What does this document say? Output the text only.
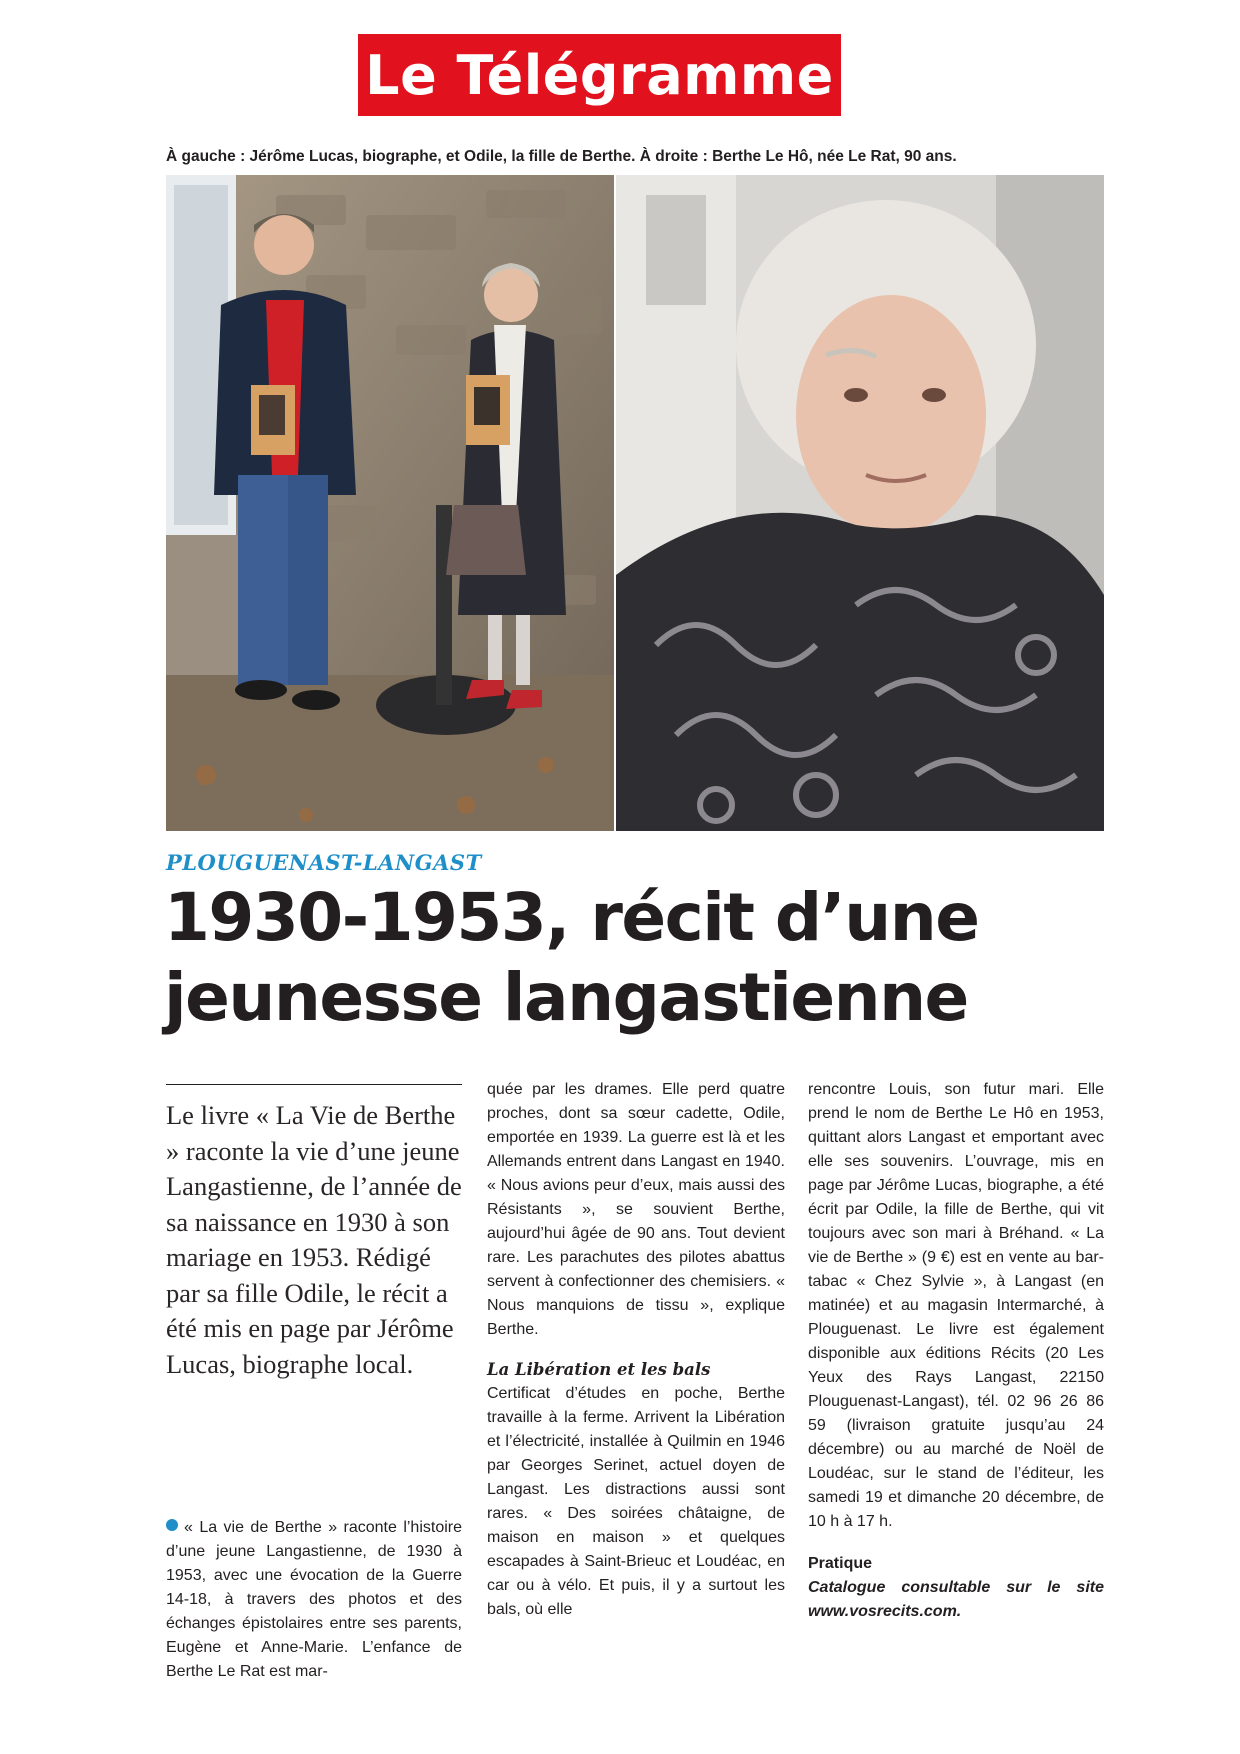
Le Télégramme
À gauche : Jérôme Lucas, biographe, et Odile, la fille de Berthe. À droite : Berthe Le Hô, née Le Rat, 90 ans.
PLOUGUENAST-LANGAST
1930-1953, récit d’une jeunesse langastienne

Le livre « La Vie de Berthe » raconte la vie d’une jeune Langastienne, de l’année de sa naissance en 1930 à son mariage en 1953. Rédigé par sa fille Odile, le récit a été mis en page par Jérôme Lucas, biographe local.

« La vie de Berthe » raconte l’histoire d’une jeune Langastienne, de 1930 à 1953, avec une évocation de la Guerre 14-18, à travers des photos et des échanges épistolaires entre ses parents, Eugène et Anne-Marie. L’enfance de Berthe Le Rat est mar-

quée par les drames. Elle perd quatre proches, dont sa sœur cadette, Odile, emportée en 1939. La guerre est là et les Allemands entrent dans Langast en 1940. « Nous avions peur d’eux, mais aussi des Résistants », se souvient Berthe, aujourd’hui âgée de 90 ans. Tout devient rare. Les parachutes des pilotes abattus servent à confectionner des chemisiers. « Nous manquions de tissu », explique Berthe.

La Libération et les bals

Certificat d’études en poche, Berthe travaille à la ferme. Arrivent la Libération et l’électricité, installée à Quilmin en 1946 par Georges Serinet, actuel doyen de Langast. Les distractions aussi sont rares. « Des soirées châtaigne, de maison en maison » et quelques escapades à Saint-Brieuc et Loudéac, en car ou à vélo. Et puis, il y a surtout les bals, où elle

rencontre Louis, son futur mari. Elle prend le nom de Berthe Le Hô en 1953, quittant alors Langast et emportant avec elle ses souvenirs. L’ouvrage, mis en page par Jérôme Lucas, biographe, a été écrit par Odile, la fille de Berthe, qui vit toujours avec son mari à Bréhand. « La vie de Berthe » (9 €) est en vente au bar-tabac « Chez Sylvie », à Langast (en matinée) et au magasin Intermarché, à Plouguenast. Le livre est également disponible aux éditions Récits (20 Les Yeux des Rays Langast, 22150 Plouguenast-Langast), tél. 02 96 26 86 59 (livraison gratuite jusqu’au 24 décembre) ou au marché de Noël de Loudéac, sur le stand de l’éditeur, les samedi 19 et dimanche 20 décembre, de 10 h à 17 h.

Pratique

Catalogue consultable sur le site www.vosrecits.com.
